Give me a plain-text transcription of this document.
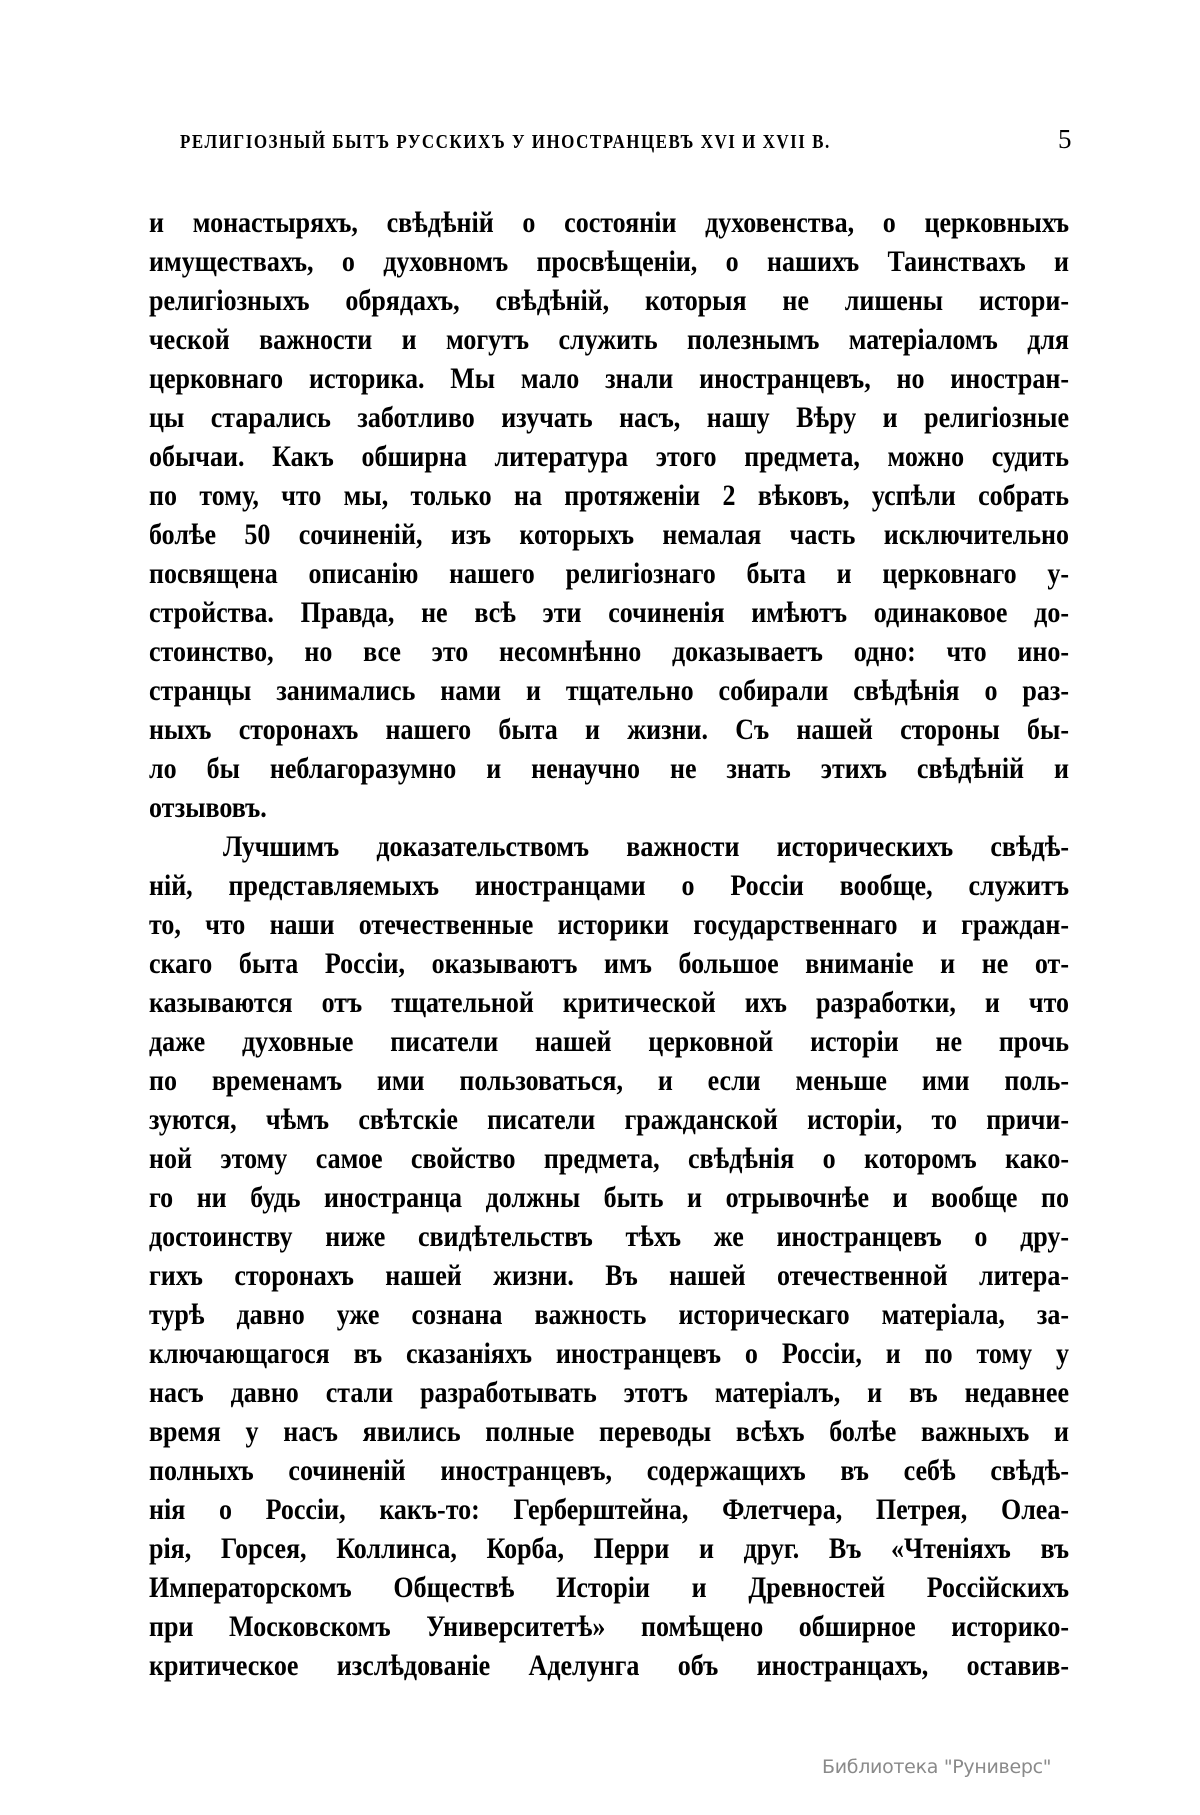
РЕЛИГІОЗНЫЙ БЫТЪ РУССКИХЪ У ИНОСТРАНЦЕВЪ XVI И XVII В.	5
и монастыряхъ, свѣдѣній о состояніи духовенства, о церковныхъ
имуществахъ, о духовномъ просвѣщеніи, о нашихъ Таинствахъ и
религіозныхъ обрядахъ, свѣдѣній, которыя не лишены истори-
ческой важности и могутъ служить полезнымъ матеріаломъ для
церковнаго историка. Мы мало знали иностранцевъ, но иностран-
цы старались заботливо изучать насъ, нашу Вѣру и религіозные
обычаи. Какъ обширна литература этого предмета, можно судить
по тому, что мы, только на протяженіи 2 вѣковъ, успѣли собрать
болѣе 50 сочиненій, изъ которыхъ немалая часть исключительно
посвящена описанію нашего религіознаго быта и церковнаго у-
стройства. Правда, не всѣ эти сочиненія имѣютъ одинаковое до-
стоинство, но все это несомнѣнно доказываетъ одно: что ино-
странцы занимались нами и тщательно собирали свѣдѣнія о раз-
ныхъ сторонахъ нашего быта и жизни. Съ нашей стороны бы-
ло бы неблагоразумно и ненаучно не знать этихъ свѣдѣній и
отзывовъ.
Лучшимъ доказательствомъ важности историческихъ свѣдѣ-
ній, представляемыхъ иностранцами о Россіи вообще, служитъ
то, что наши отечественные историки государственнаго и граждан-
скаго быта Россіи, оказываютъ имъ большое вниманіе и не от-
казываются отъ тщательной критической ихъ разработки, и что
даже духовные писатели нашей церковной исторіи не прочь
по временамъ ими пользоваться, и если меньше ими поль-
зуются, чѣмъ свѣтскіе писатели гражданской исторіи, то причи-
ной этому самое свойство предмета, свѣдѣнія о которомъ како-
го ни будь иностранца должны быть и отрывочнѣе и вообще по
достоинству ниже свидѣтельствъ тѣхъ же иностранцевъ о дру-
гихъ сторонахъ нашей жизни. Въ нашей отечественной литера-
турѣ давно уже сознана важность историческаго матеріала, за-
ключающагося въ сказаніяхъ иностранцевъ о Россіи, и по тому у
насъ давно стали разработывать этотъ матеріалъ, и въ недавнее
время у насъ явились полные переводы всѣхъ болѣе важныхъ и
полныхъ сочиненій иностранцевъ, содержащихъ въ себѣ свѣдѣ-
нія о Россіи, какъ-то: Герберштейна, Флетчера, Петрея, Олеа-
рія, Горсея, Коллинса, Корба, Перри и друг. Въ «Чтеніяхъ въ
Императорскомъ Обществѣ Исторіи и Древностей Россійскихъ
при Московскомъ Университетѣ» помѣщено обширное историко-
критическое изслѣдованіе Аделунга объ иностранцахъ, оставив-
Библиотека "Руниверс"
